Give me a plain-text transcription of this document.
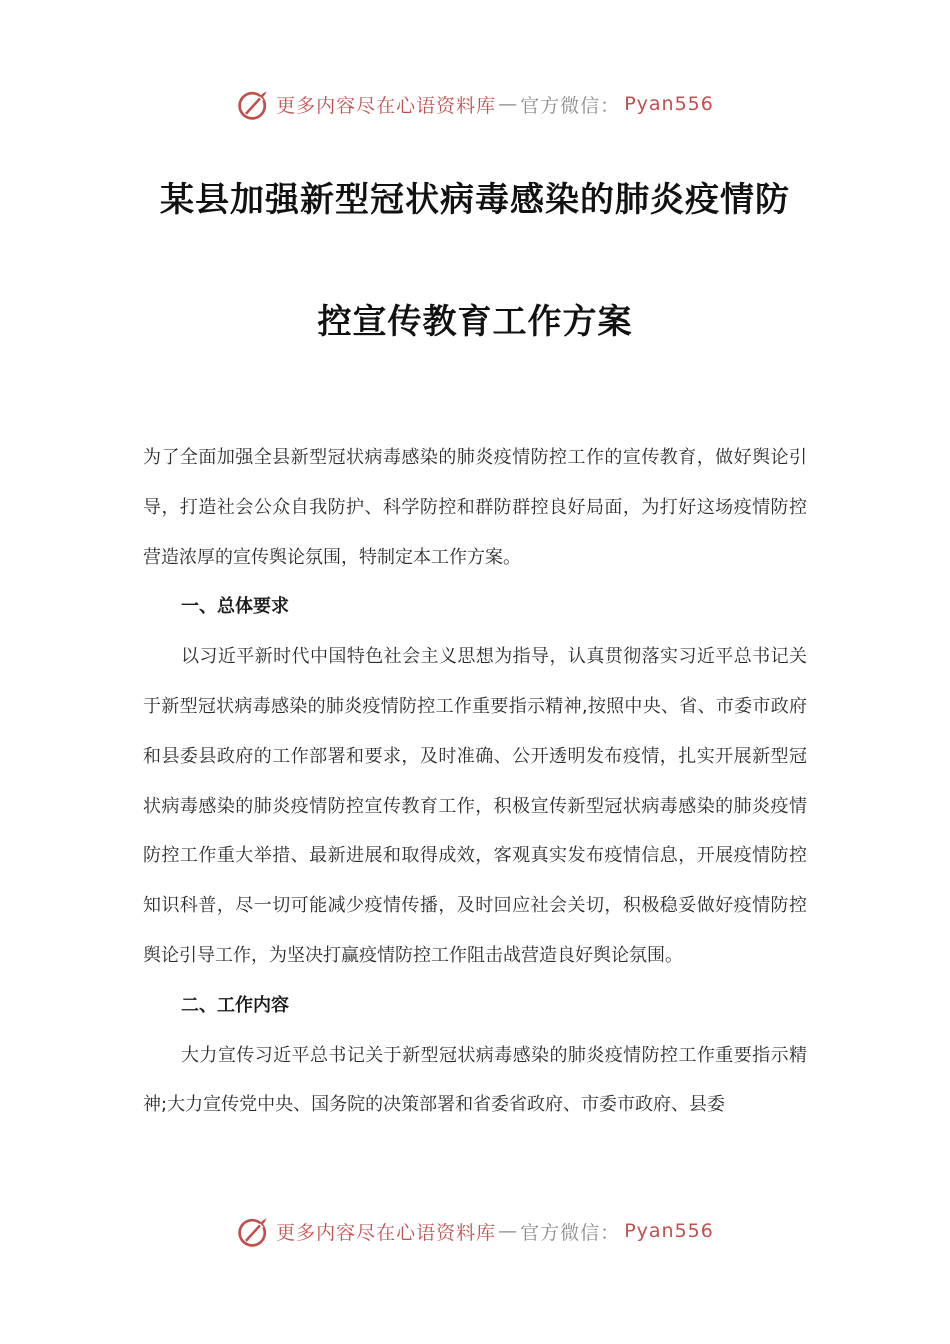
更多内容尽在心语资料库 — 官方微信： Pyan556
某县加强新型冠状病毒感染的肺炎疫情防
控宣传教育工作方案

为了全面加强全县新型冠状病毒感染的肺炎疫情防控工作的宣传教育，做好舆论引导，打造社会公众自我防护、科学防控和群防群控良好局面，为打好这场疫情防控营造浓厚的宣传舆论氛围，特制定本工作方案。

一、总体要求

以习近平新时代中国特色社会主义思想为指导，认真贯彻落实习近平总书记关于新型冠状病毒感染的肺炎疫情防控工作重要指示精神,按照中央、省、市委市政府和县委县政府的工作部署和要求，及时准确、公开透明发布疫情，扎实开展新型冠状病毒感染的肺炎疫情防控宣传教育工作，积极宣传新型冠状病毒感染的肺炎疫情防控工作重大举措、最新进展和取得成效，客观真实发布疫情信息，开展疫情防控知识科普，尽一切可能减少疫情传播，及时回应社会关切，积极稳妥做好疫情防控舆论引导工作，为坚决打赢疫情防控工作阻击战营造良好舆论氛围。

二、工作内容

大力宣传习近平总书记关于新型冠状病毒感染的肺炎疫情防控工作重要指示精神;大力宣传党中央、国务院的决策部署和省委省政府、市委市政府、县委

更多内容尽在心语资料库 — 官方微信： Pyan556
